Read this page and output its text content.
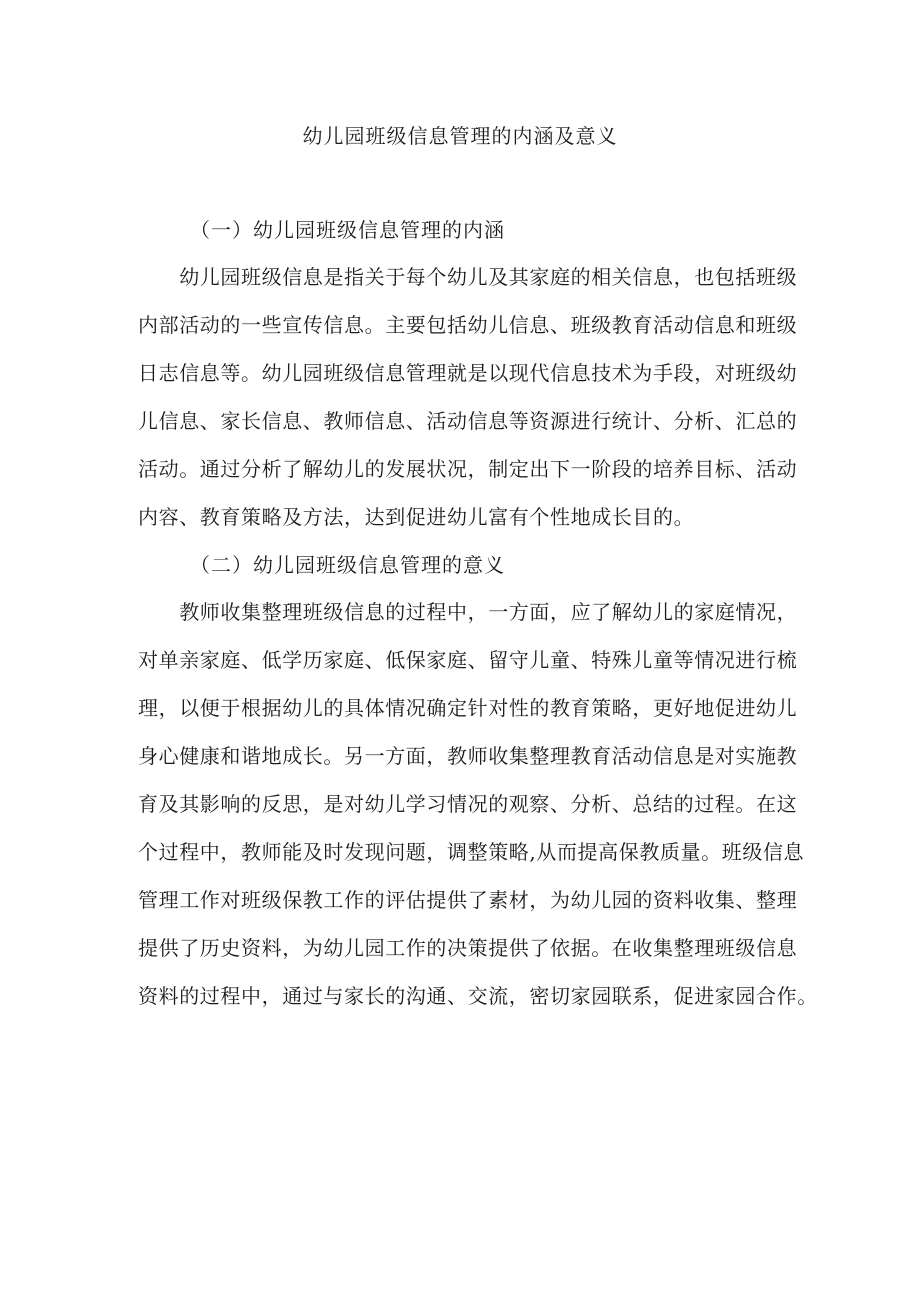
幼儿园班级信息管理的内涵及意义
（一）幼儿园班级信息管理的内涵
　　幼儿园班级信息是指关于每个幼儿及其家庭的相关信息，也包括班级
内部活动的一些宣传信息。主要包括幼儿信息、班级教育活动信息和班级
日志信息等。幼儿园班级信息管理就是以现代信息技术为手段，对班级幼
儿信息、家长信息、教师信息、活动信息等资源进行统计、分析、汇总的
活动。通过分析了解幼儿的发展状况，制定出下一阶段的培养目标、活动
内容、教育策略及方法，达到促进幼儿富有个性地成长目的。
（二）幼儿园班级信息管理的意义
　　教师收集整理班级信息的过程中，一方面，应了解幼儿的家庭情况，
对单亲家庭、低学历家庭、低保家庭、留守儿童、特殊儿童等情况进行梳
理，以便于根据幼儿的具体情况确定针对性的教育策略，更好地促进幼儿
身心健康和谐地成长。另一方面，教师收集整理教育活动信息是对实施教
育及其影响的反思，是对幼儿学习情况的观察、分析、总结的过程。在这
个过程中，教师能及时发现问题，调整策略,从而提高保教质量。班级信息
管理工作对班级保教工作的评估提供了素材，为幼儿园的资料收集、整理
提供了历史资料，为幼儿园工作的决策提供了依据。在收集整理班级信息
资料的过程中，通过与家长的沟通、交流，密切家园联系，促进家园合作。
